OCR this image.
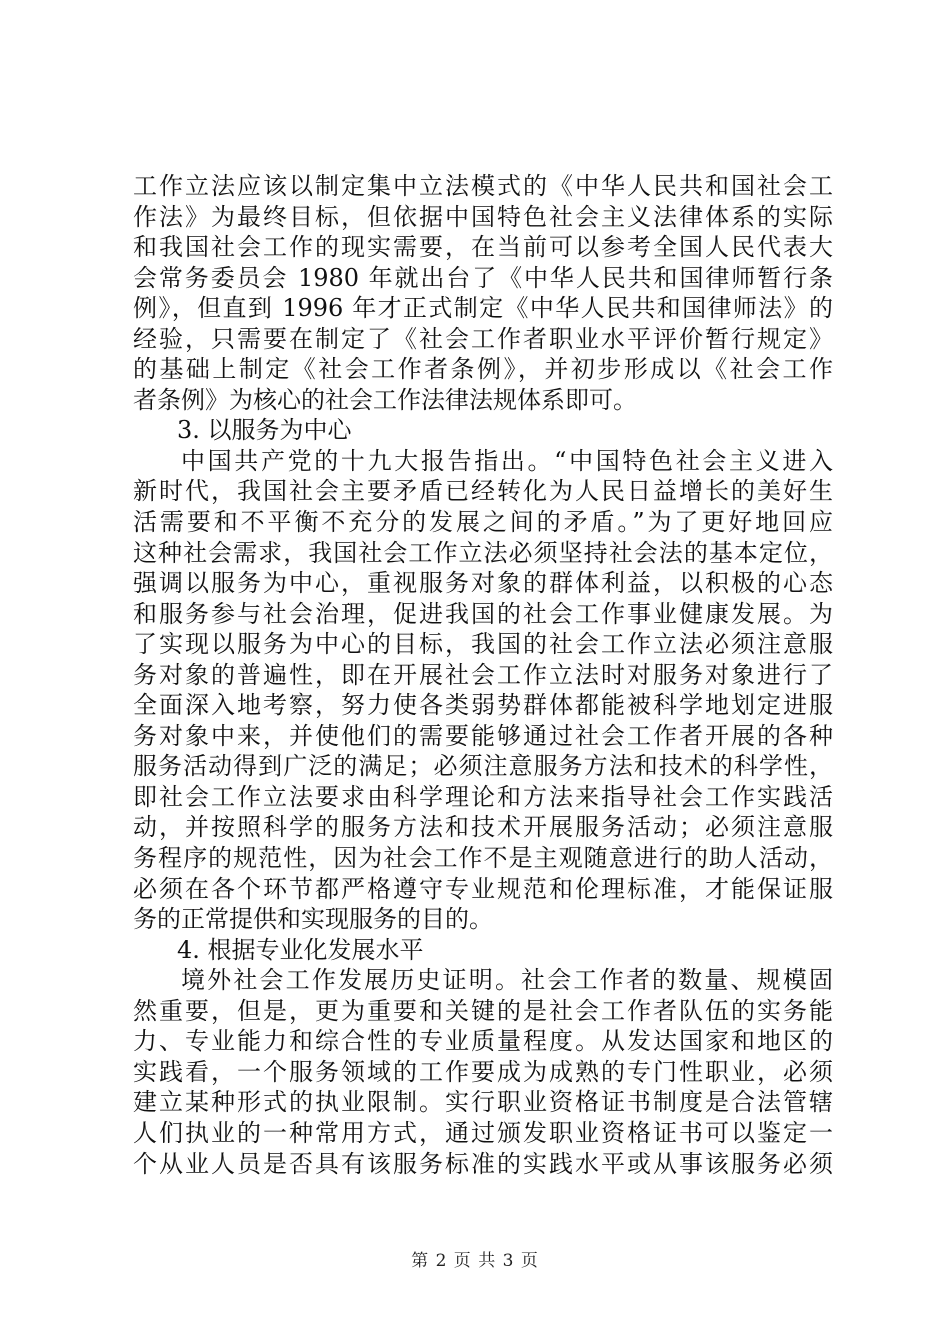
工作立法应该以制定集中立法模式的《中华人民共和国社会工
作法》为最终目标，但依据中国特色社会主义法律体系的实际
和我国社会工作的现实需要，在当前可以参考全国人民代表大
会常务委员会 1980 年就出台了《中华人民共和国律师暂行条
例》，但直到 1996 年才正式制定《中华人民共和国律师法》的
经验，只需要在制定了《社会工作者职业水平评价暂行规定》
的基础上制定《社会工作者条例》，并初步形成以《社会工作
者条例》为核心的社会工作法律法规体系即可。
3. 以服务为中心
中国共产党的十九大报告指出。“中国特色社会主义进入
新时代，我国社会主要矛盾已经转化为人民日益增长的美好生
活需要和不平衡不充分的发展之间的矛盾。”为了更好地回应
这种社会需求，我国社会工作立法必须坚持社会法的基本定位，
强调以服务为中心，重视服务对象的群体利益，以积极的心态
和服务参与社会治理，促进我国的社会工作事业健康发展。为
了实现以服务为中心的目标，我国的社会工作立法必须注意服
务对象的普遍性，即在开展社会工作立法时对服务对象进行了
全面深入地考察，努力使各类弱势群体都能被科学地划定进服
务对象中来，并使他们的需要能够通过社会工作者开展的各种
服务活动得到广泛的满足；必须注意服务方法和技术的科学性，
即社会工作立法要求由科学理论和方法来指导社会工作实践活
动，并按照科学的服务方法和技术开展服务活动；必须注意服
务程序的规范性，因为社会工作不是主观随意进行的助人活动，
必须在各个环节都严格遵守专业规范和伦理标准，才能保证服
务的正常提供和实现服务的目的。
4. 根据专业化发展水平
境外社会工作发展历史证明。社会工作者的数量、规模固
然重要，但是，更为重要和关键的是社会工作者队伍的实务能
力、专业能力和综合性的专业质量程度。从发达国家和地区的
实践看，一个服务领域的工作要成为成熟的专门性职业，必须
建立某种形式的执业限制。实行职业资格证书制度是合法管辖
人们执业的一种常用方式，通过颁发职业资格证书可以鉴定一
个从业人员是否具有该服务标准的实践水平或从事该服务必须
第 2 页 共 3 页
